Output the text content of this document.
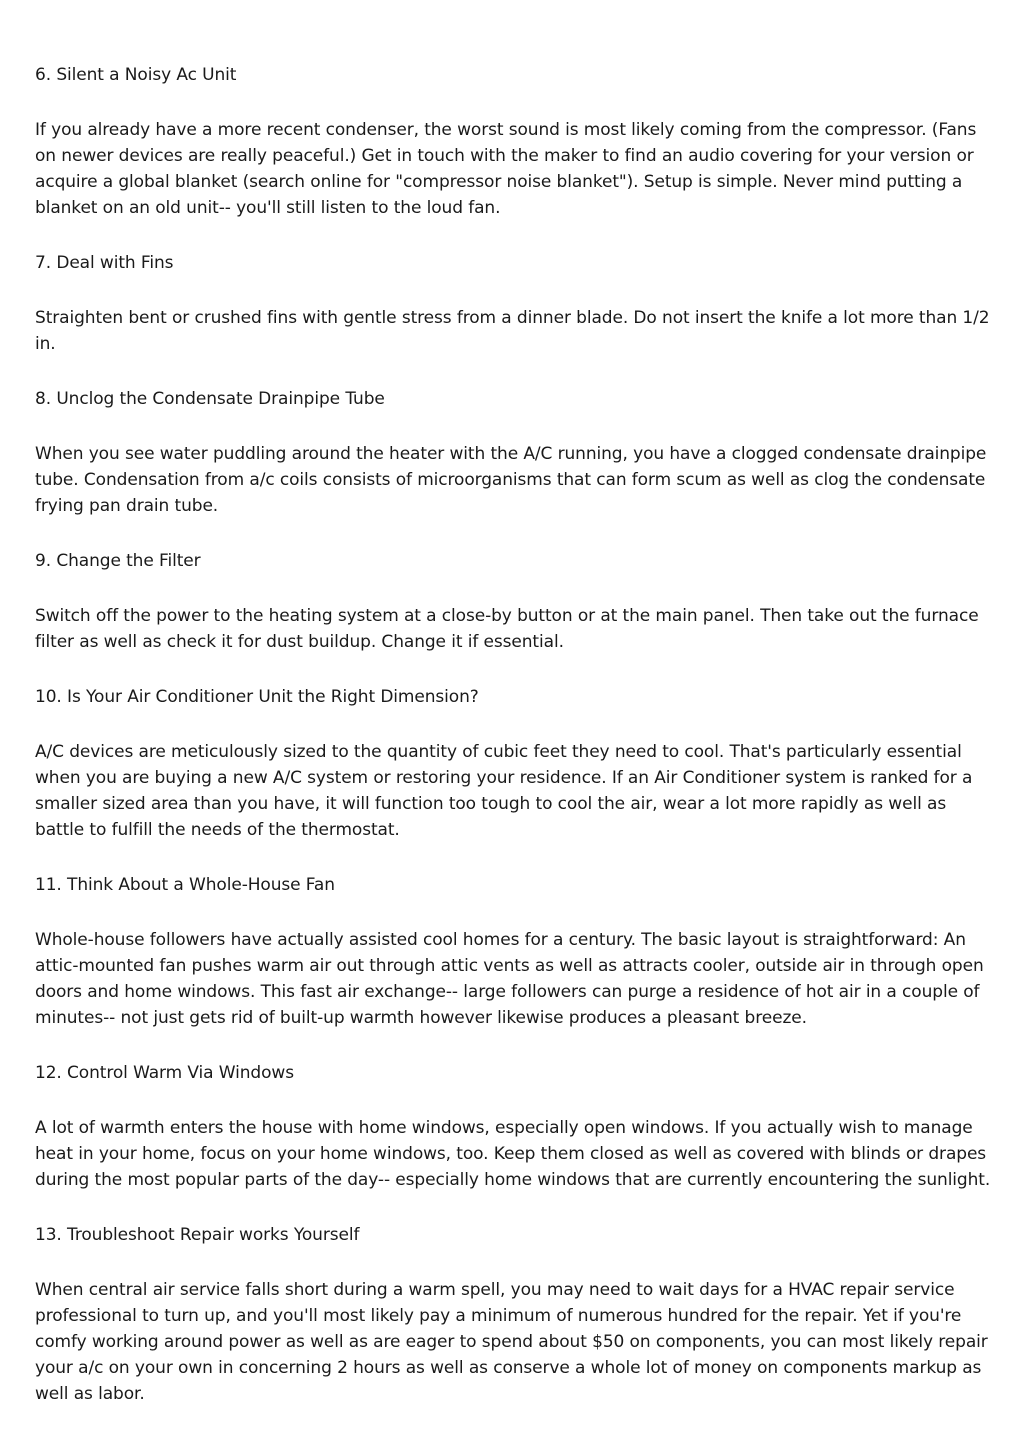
6. Silent a Noisy Ac Unit

If you already have a more recent condenser, the worst sound is most likely coming from the compressor. (Fans on newer devices are really peaceful.) Get in touch with the maker to find an audio covering for your version or acquire a global blanket (search online for "compressor noise blanket"). Setup is simple. Never mind putting a blanket on an old unit-- you'll still listen to the loud fan.

7. Deal with Fins

Straighten bent or crushed fins with gentle stress from a dinner blade. Do not insert the knife a lot more than 1/2 in.

8. Unclog the Condensate Drainpipe Tube

When you see water puddling around the heater with the A/C running, you have a clogged condensate drainpipe tube. Condensation from a/c coils consists of microorganisms that can form scum as well as clog the condensate frying pan drain tube.

9. Change the Filter

Switch off the power to the heating system at a close-by button or at the main panel. Then take out the furnace filter as well as check it for dust buildup. Change it if essential.

10. Is Your Air Conditioner Unit the Right Dimension?

A/C devices are meticulously sized to the quantity of cubic feet they need to cool. That's particularly essential when you are buying a new A/C system or restoring your residence. If an Air Conditioner system is ranked for a smaller sized area than you have, it will function too tough to cool the air, wear a lot more rapidly as well as battle to fulfill the needs of the thermostat.

11. Think About a Whole-House Fan

Whole-house followers have actually assisted cool homes for a century. The basic layout is straightforward: An attic-mounted fan pushes warm air out through attic vents as well as attracts cooler, outside air in through open doors and home windows. This fast air exchange-- large followers can purge a residence of hot air in a couple of minutes-- not just gets rid of built-up warmth however likewise produces a pleasant breeze.

12. Control Warm Via Windows

A lot of warmth enters the house with home windows, especially open windows. If you actually wish to manage heat in your home, focus on your home windows, too. Keep them closed as well as covered with blinds or drapes during the most popular parts of the day-- especially home windows that are currently encountering the sunlight.

13. Troubleshoot Repair works Yourself

When central air service falls short during a warm spell, you may need to wait days for a HVAC repair service professional to turn up, and you'll most likely pay a minimum of numerous hundred for the repair. Yet if you're comfy working around power as well as are eager to spend about $50 on components, you can most likely repair your a/c on your own in concerning 2 hours as well as conserve a whole lot of money on components markup as well as labor.
